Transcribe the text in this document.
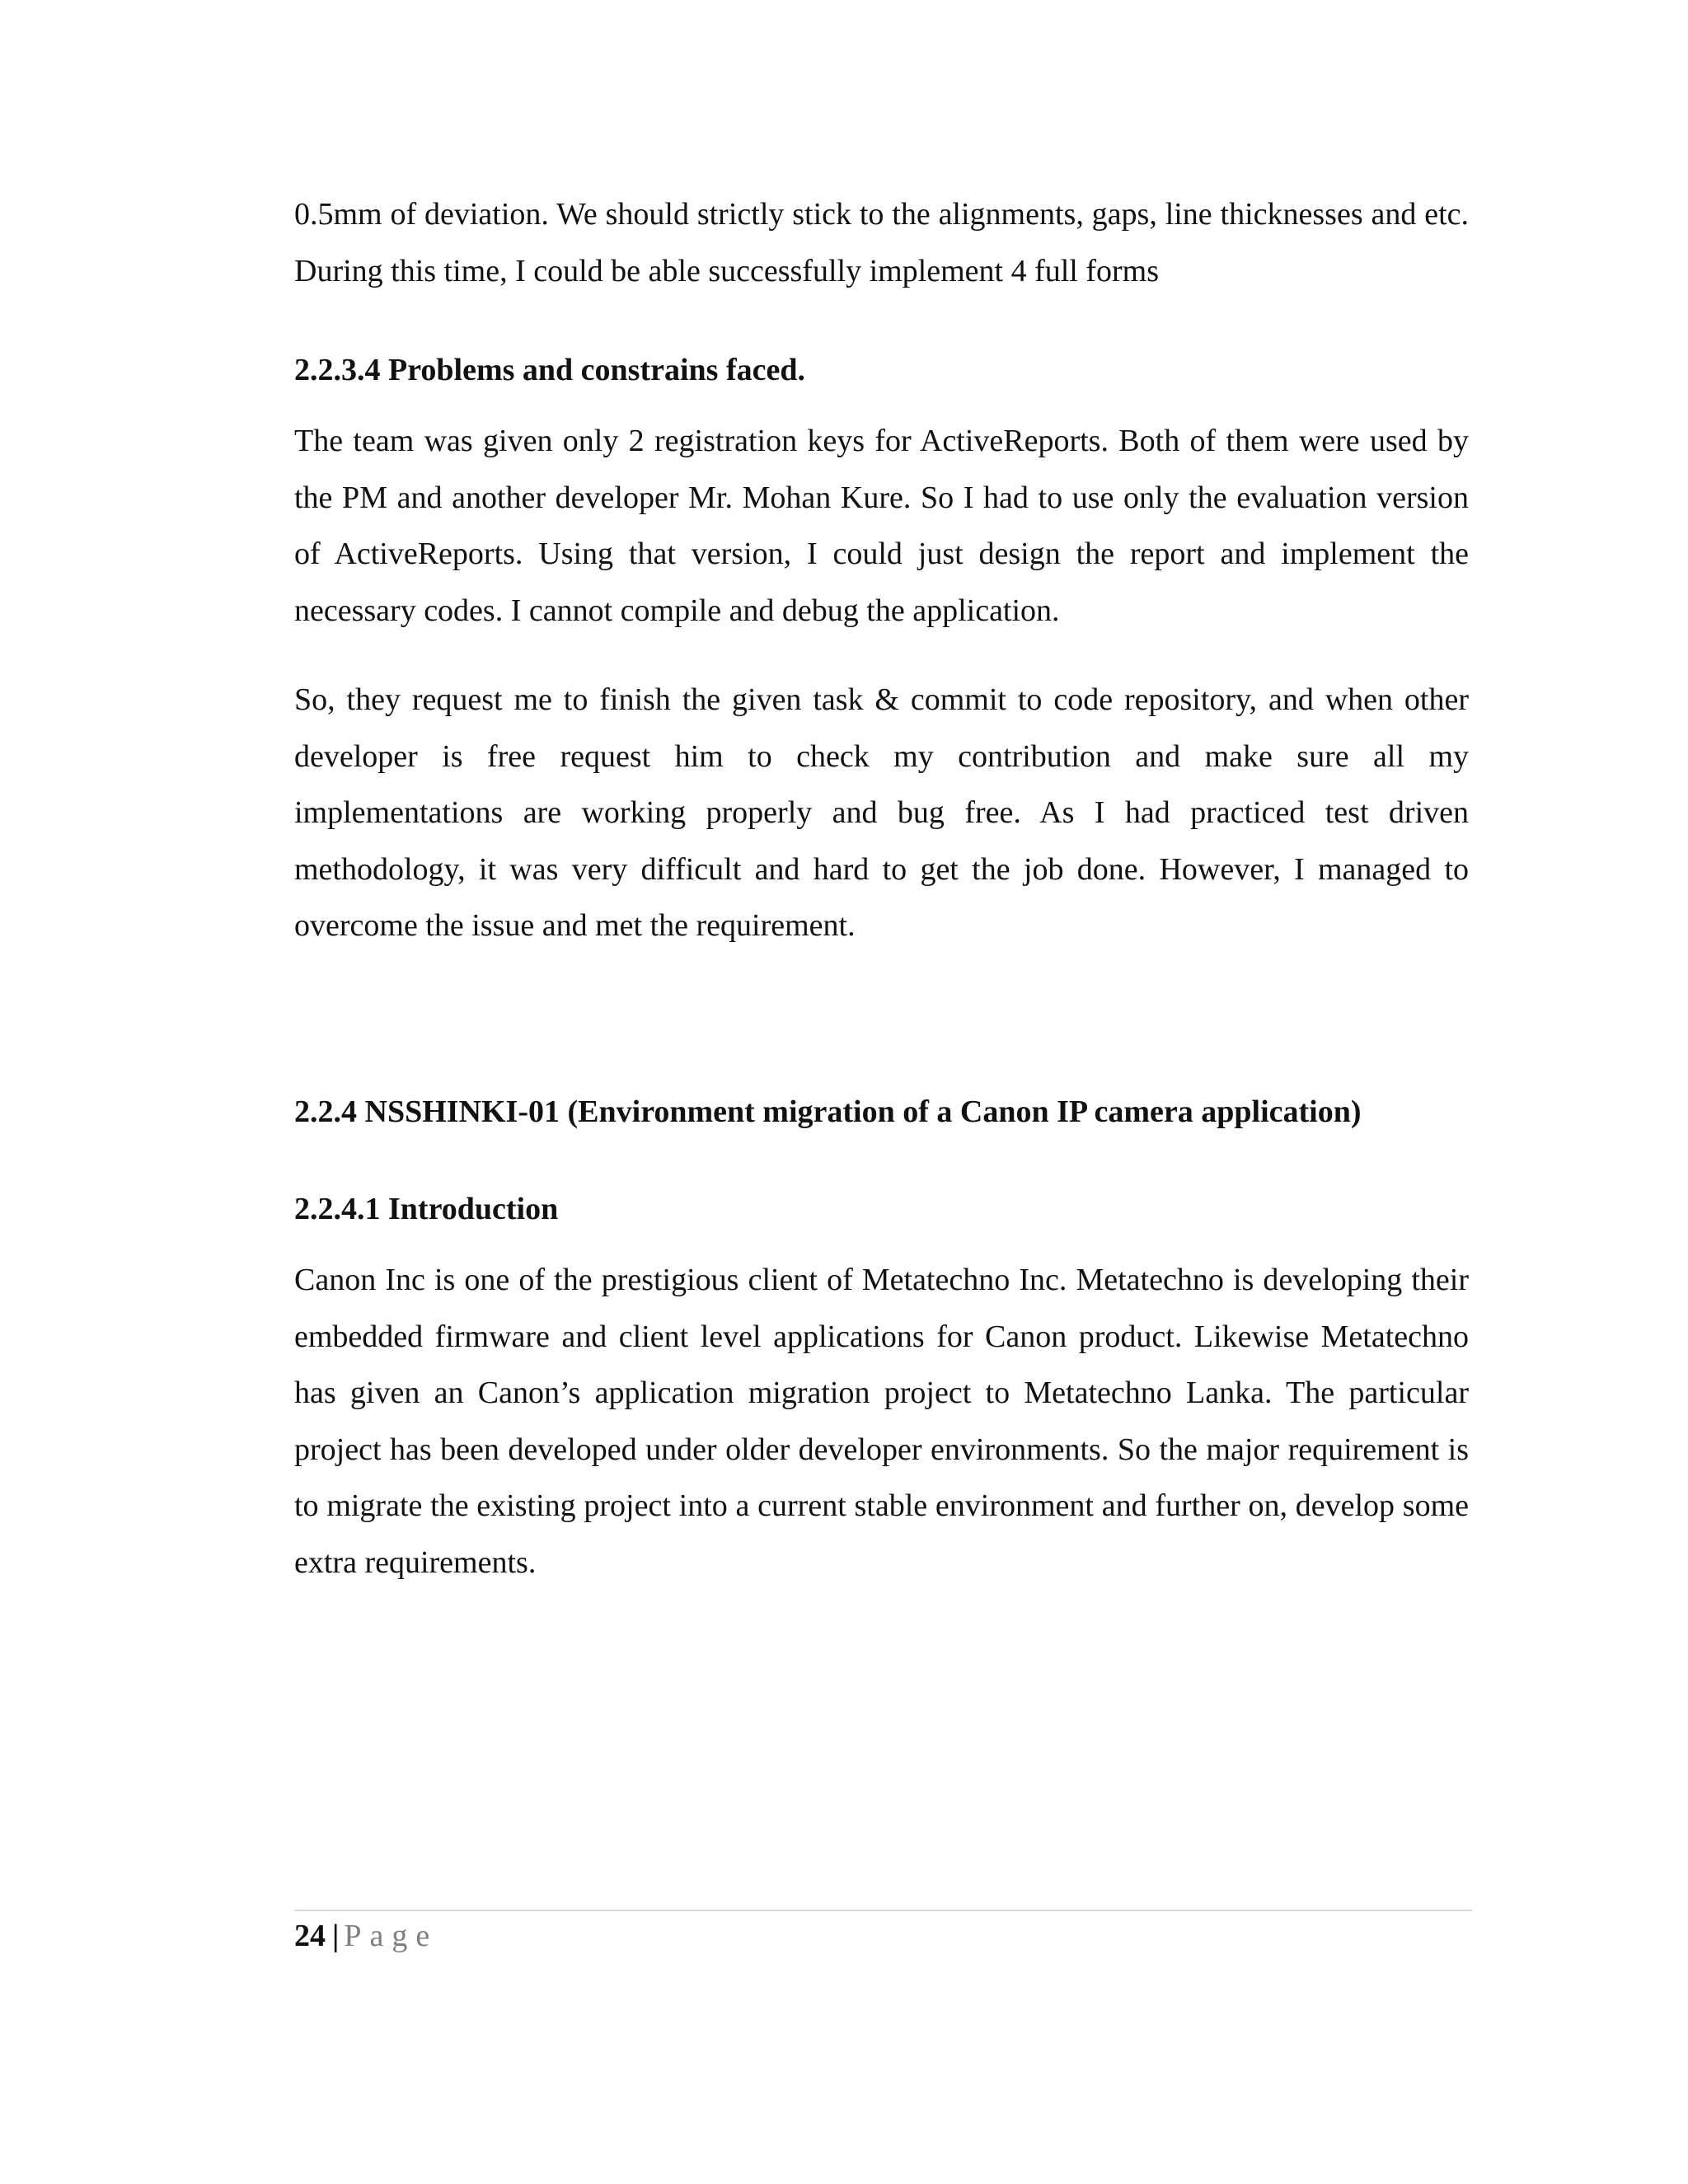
0.5mm of deviation. We should strictly stick to the alignments, gaps, line thicknesses and etc. During this time, I could be able successfully implement 4 full forms

2.2.3.4 Problems and constrains faced.

The team was given only 2 registration keys for ActiveReports. Both of them were used by the PM and another developer Mr. Mohan Kure. So I had to use only the evaluation version of ActiveReports. Using that version, I could just design the report and implement the necessary codes. I cannot compile and debug the application.

So, they request me to finish the given task & commit to code repository, and when other developer is free request him to check my contribution and make sure all my implementations are working properly and bug free. As I had practiced test driven methodology, it was very difficult and hard to get the job done. However, I managed to overcome the issue and met the requirement.

2.2.4 NSSHINKI-01 (Environment migration of a Canon IP camera application)
2.2.4.1 Introduction

Canon Inc is one of the prestigious client of Metatechno Inc. Metatechno is developing their embedded firmware and client level applications for Canon product. Likewise Metatechno has given an Canon’s application migration project to Metatechno Lanka. The particular project has been developed under older developer environments. So the major requirement is to migrate the existing project into a current stable environment and further on, develop some extra requirements.

24 | Page
